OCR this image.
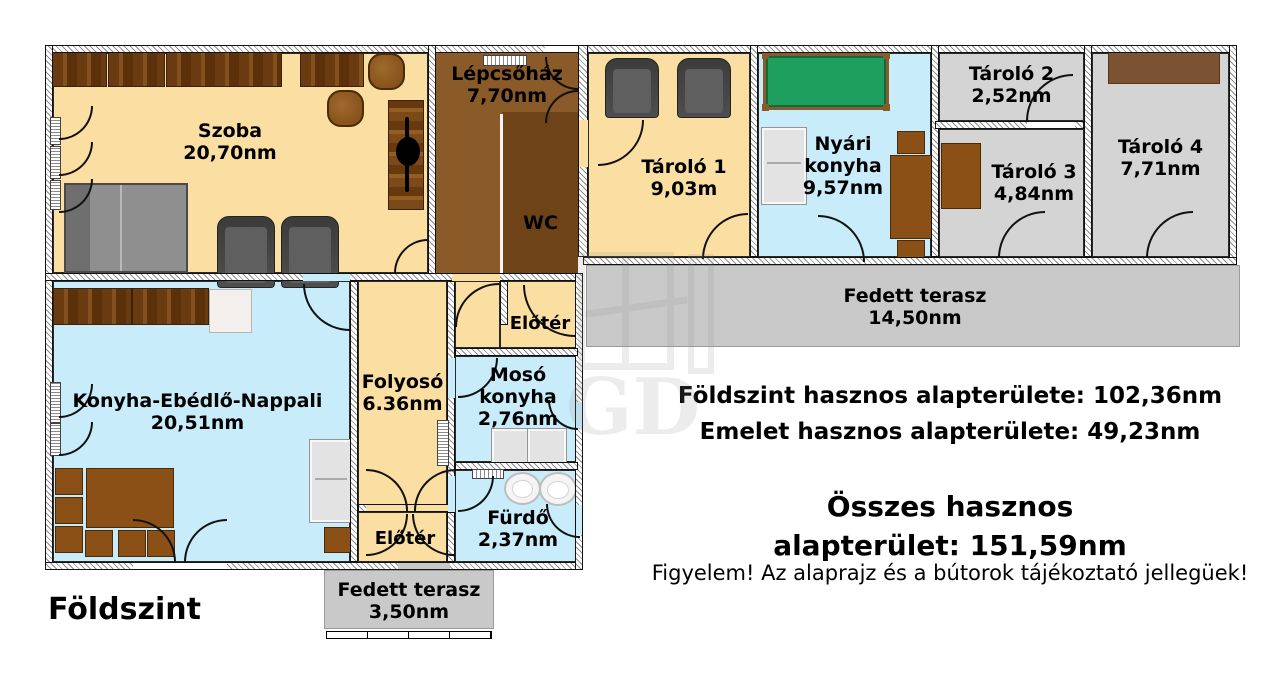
GD
Szoba
20,70nm
Lépcsőház
7,70nm
WC
Tároló 1
9,03m
Nyári
konyha
9,57nm
Tároló 2
2,52nm
Tároló 3
4,84nm
Tároló 4
7,71nm
Fedett terasz
14,50nm
Konyha-Ebédlő-Nappali
20,51nm
Folyosó
6.36nm
Előtér
Mosó
konyha
2,76nm
Fürdő
2,37nm
Előtér
Fedett terasz
3,50nm
Földszint
Földszint hasznos alapterülete: 102,36nm
Emelet hasznos alapterülete: 49,23nm
Összes hasznos
alapterület: 151,59nm
Figyelem! Az alaprajz és a bútorok tájékoztató jellegüek!
